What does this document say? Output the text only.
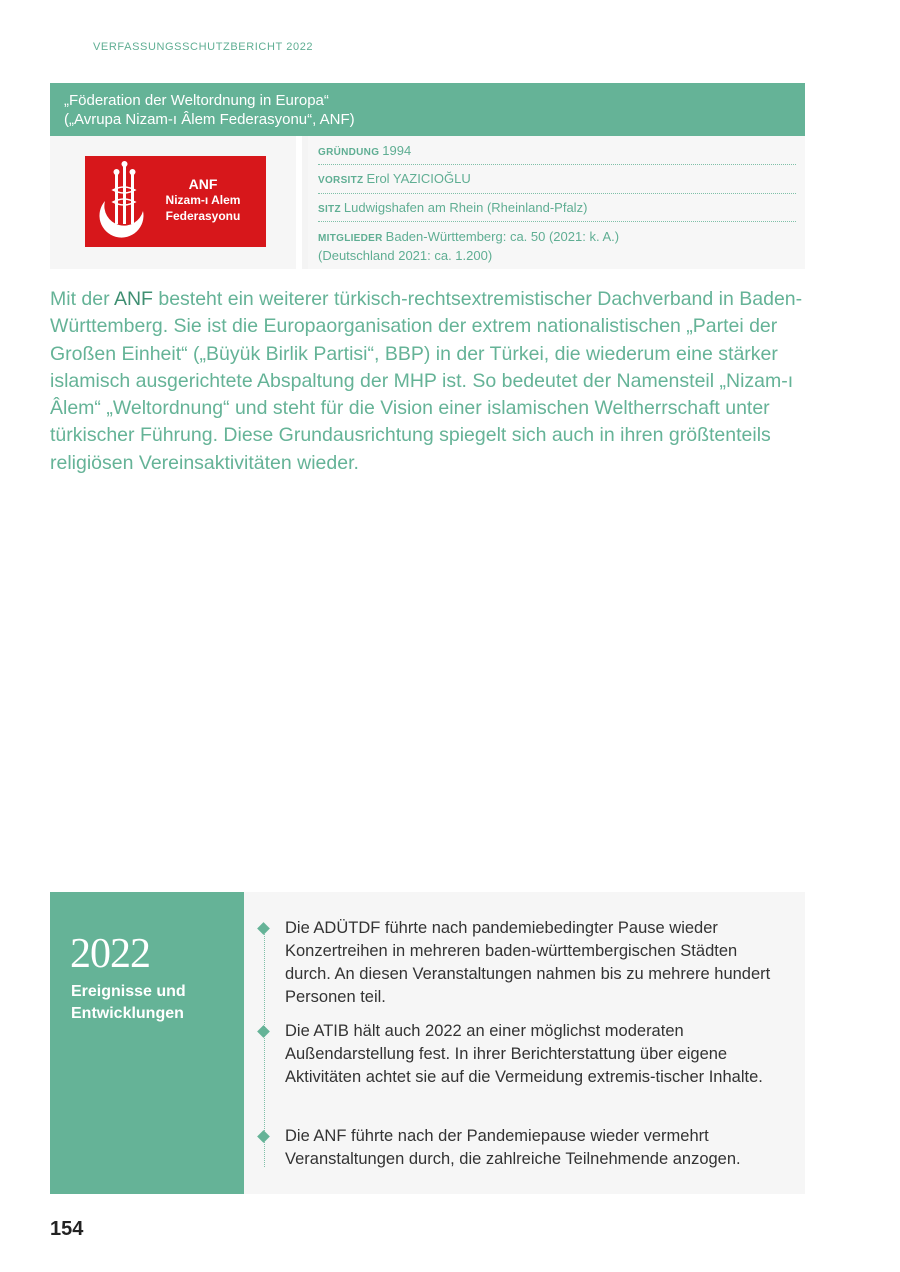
VERFASSUNGSSCHUTZBERICHT 2022
„Föderation der Weltordnung in Europa“
(„Avrupa Nizam-ı Âlem Federasyonu“, ANF)
ANF
Nizam-ı Alem
Federasyonu
GRÜNDUNG 1994
VORSITZ Erol YAZICIOĞLU
SITZ Ludwigshafen am Rhein (Rheinland-Pfalz)
MITGLIEDER Baden-Württemberg: ca. 50 (2021: k. A.)
(Deutschland 2021: ca. 1.200)
Mit der ANF besteht ein weiterer türkisch-rechtsextremistischer Dachverband in Baden-Württemberg. Sie ist die Europaorganisation der extrem nationalistischen „Partei der Großen Einheit“ („Büyük Birlik Partisi“, BBP) in der Türkei, die wiederum eine stärker islamisch ausgerichtete Abspaltung der MHP ist. So bedeutet der Namensteil „Nizam-ı Âlem“ „Weltordnung“ und steht für die Vision einer islamischen Weltherrschaft unter türkischer Führung. Diese Grundausrichtung spiegelt sich auch in ihren größtenteils religiösen Vereinsaktivitäten wieder.
2022
Ereignisse und Entwicklungen
Die ADÜTDF führte nach pandemiebedingter Pause wieder Konzertreihen in mehreren baden-württembergischen Städten durch. An diesen Veranstaltungen nahmen bis zu mehrere hundert Personen teil.
Die ATIB hält auch 2022 an einer möglichst moderaten Außendarstellung fest. In ihrer Berichterstattung über eigene Aktivitäten achtet sie auf die Vermeidung extremis-tischer Inhalte.
Die ANF führte nach der Pandemiepause wieder vermehrt Veranstaltungen durch, die zahlreiche Teilnehmende anzogen.
154
